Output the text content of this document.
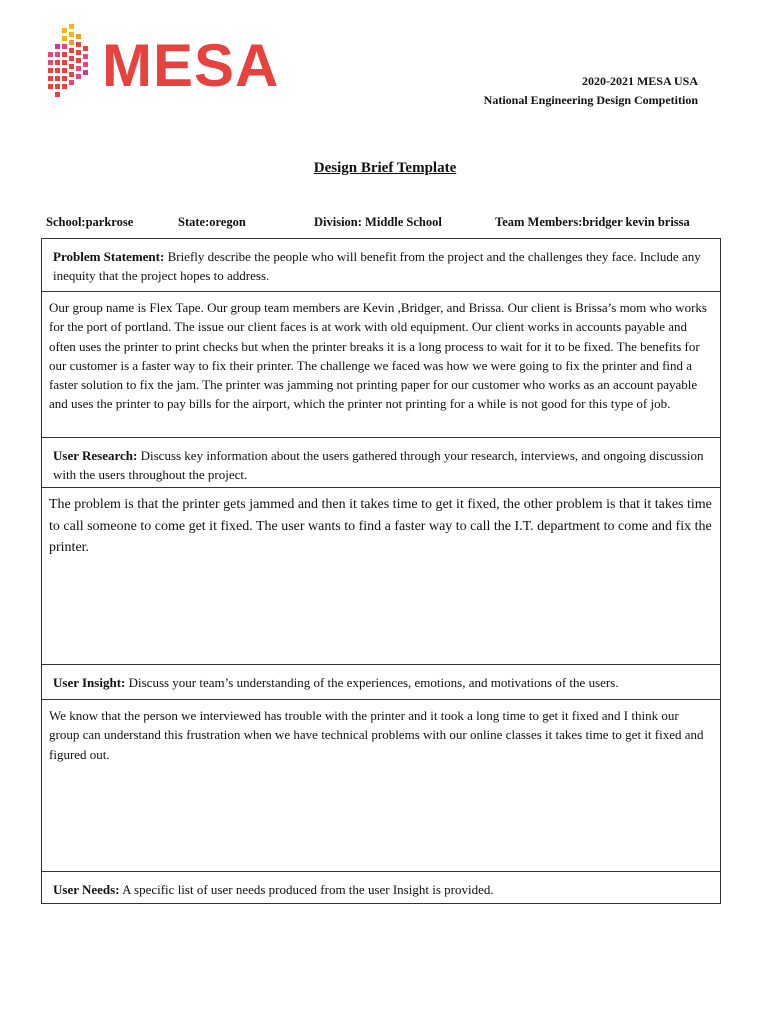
MESA	2020-2021 MESA USA
National Engineering Design Competition
Design Brief Template
School:parkrose	State:oregon	Division: Middle School	Team Members:bridger kevin brissa
Problem Statement: Briefly describe the people who will benefit from the project and the challenges they face. Include any inequity that the project hopes to address.
Our group name is Flex Tape. Our group team members are Kevin ,Bridger, and Brissa. Our client is Brissa’s mom who works for the port of portland. The issue our client faces is at work with old equipment. Our client works in accounts payable and often uses the printer to print checks but when the printer breaks it is a long process to wait for it to be fixed. The benefits for our customer is a faster way to fix their printer. The challenge we faced was how we were going to fix the printer and find a faster solution to fix the jam. The printer was jamming not printing paper for our customer who works as an account payable and uses the printer to pay bills for the airport, which the printer not printing for a while is not good for this type of job.
User Research: Discuss key information about the users gathered through your research, interviews, and ongoing discussion with the users throughout the project.
The problem is that the printer gets jammed and then it takes time to get it fixed, the other problem is that it takes time to call someone to come get it fixed. The user wants to find a faster way to call the I.T. department to come and fix the printer.
User Insight: Discuss your team’s understanding of the experiences, emotions, and motivations of the users.
We know that the person we interviewed has trouble with the printer and it took a long time to get it fixed and I think our group can understand this frustration when we have technical problems with our online classes it takes time to get it fixed and figured out.
User Needs: A specific list of user needs produced from the user Insight is provided.
